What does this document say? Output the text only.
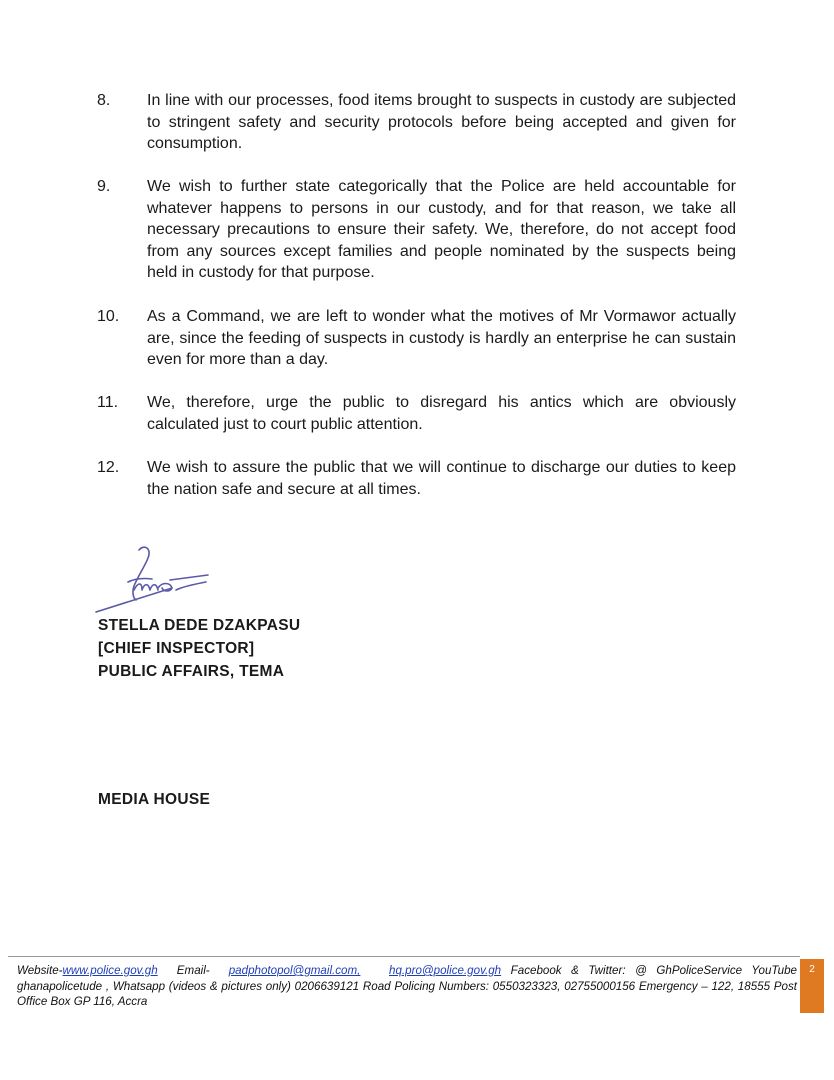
8. In line with our processes, food items brought to suspects in custody are subjected to stringent safety and security protocols before being accepted and given for consumption.
9. We wish to further state categorically that the Police are held accountable for whatever happens to persons in our custody, and for that reason, we take all necessary precautions to ensure their safety. We, therefore, do not accept food from any sources except families and people nominated by the suspects being held in custody for that purpose.
10. As a Command, we are left to wonder what the motives of Mr Vormawor actually are, since the feeding of suspects in custody is hardly an enterprise he can sustain even for more than a day.
11. We, therefore, urge the public to disregard his antics which are obviously calculated just to court public attention.
12. We wish to assure the public that we will continue to discharge our duties to keep the nation safe and secure at all times.
STELLA DEDE DZAKPASU
[CHIEF INSPECTOR]
PUBLIC AFFAIRS, TEMA
MEDIA HOUSE
Website-www.police.gov.gh Email- padphotopol@gmail.com, hq.pro@police.gov.gh Facebook & Twitter: @ GhPoliceService YouTube ghanapolicetude , Whatsapp (videos & pictures only) 0206639121 Road Policing Numbers: 0550323323, 02755000156 Emergency – 122, 18555 Post Office Box GP 116, Accra
2
